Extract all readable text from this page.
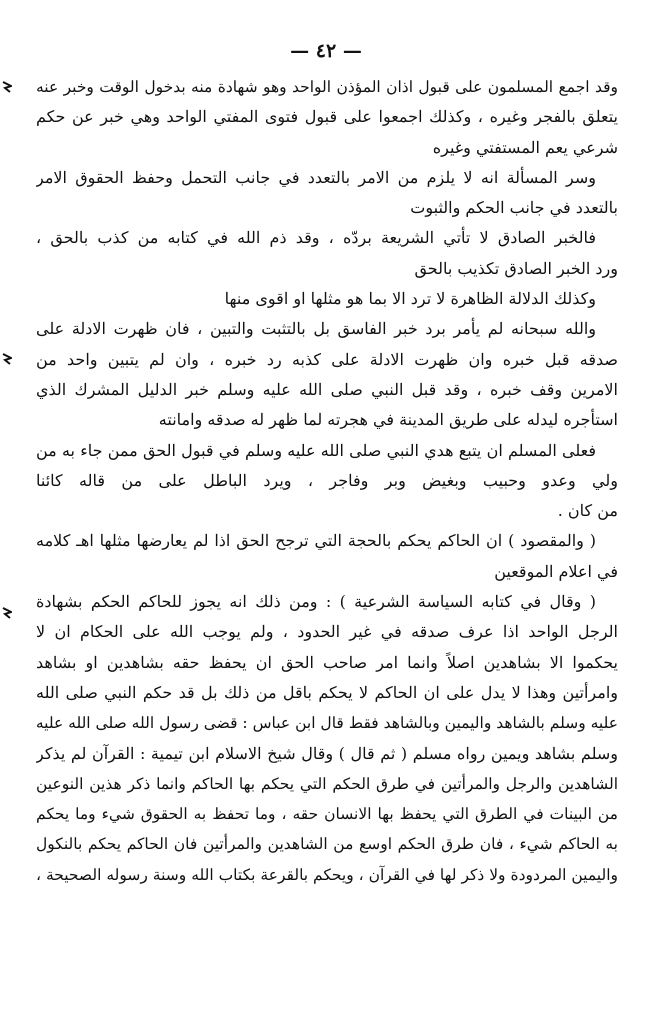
— ٤٢ —
وقد اجمع المسلمون على قبول اذان المؤذن الواحد وهو شهادة منه بدخول الوقت وخبر عنه
يتعلق بالفجر وغيره ، وكذلك اجمعوا على قبول فتوى المفتي الواحد وهي خبر عن حكم
شرعي يعم المستفتي وغيره
وسر المسألة انه لا يلزم من الامر بالتعدد في جانب التحمل وحفظ الحقوق الامر
بالتعدد في جانب الحكم والثبوت
فالخبر الصادق لا تأتي الشريعة بردّه ، وقد ذم الله في كتابه من كذب بالحق ،
ورد الخبر الصادق تكذيب بالحق
وكذلك الدلالة الظاهرة لا ترد الا بما هو مثلها او اقوى منها
والله سبحانه لم يأمر برد خبر الفاسق بل بالتثبت والتبين ، فان ظهرت الادلة على
صدقه قبل خبره وان ظهرت الادلة على كذبه رد خبره ، وان لم يتبين واحد من
الامرين وقف خبره ، وقد قبل النبي صلى الله عليه وسلم خبر الدليل المشرك الذي
استأجره ليدله على طريق المدينة في هجرته لما ظهر له صدقه وامانته
فعلى المسلم ان يتبع هدي النبي صلى الله عليه وسلم في قبول الحق ممن جاء به من
ولي وعدو وحبيب وبغيض وبر وفاجر ، ويرد الباطل على من قاله كائنا
من كان .
( والمقصود ) ان الحاكم يحكم بالحجة التي ترجح الحق اذا لم يعارضها مثلها اهـ كلامه
في اعلام الموقعين
( وقال في كتابه السياسة الشرعية ) : ومن ذلك انه يجوز للحاكم الحكم بشهادة
الرجل الواحد اذا عرف صدقه في غير الحدود ، ولم يوجب الله على الحكام ان لا
يحكموا الا بشاهدين اصلاً وانما امر صاحب الحق ان يحفظ حقه بشاهدين او بشاهد
وامرأتين وهذا لا يدل على ان الحاكم لا يحكم باقل من ذلك بل قد حكم النبي صلى الله
عليه وسلم بالشاهد واليمين وبالشاهد فقط قال ابن عباس : قضى رسول الله صلى الله عليه
وسلم بشاهد ويمين رواه مسلم ( ثم قال ) وقال شيخ الاسلام ابن تيمية : القرآن لم يذكر
الشاهدين والرجل والمرأتين في طرق الحكم التي يحكم بها الحاكم وانما ذكر هذين النوعين
من البينات في الطرق التي يحفظ بها الانسان حقه ، وما تحفظ به الحقوق شيء وما يحكم
به الحاكم شيء ، فان طرق الحكم اوسع من الشاهدين والمرأتين فان الحاكم يحكم بالنكول
واليمين المردودة ولا ذكر لها في القرآن ، ويحكم بالقرعة بكتاب الله وسنة رسوله الصحيحة ،
